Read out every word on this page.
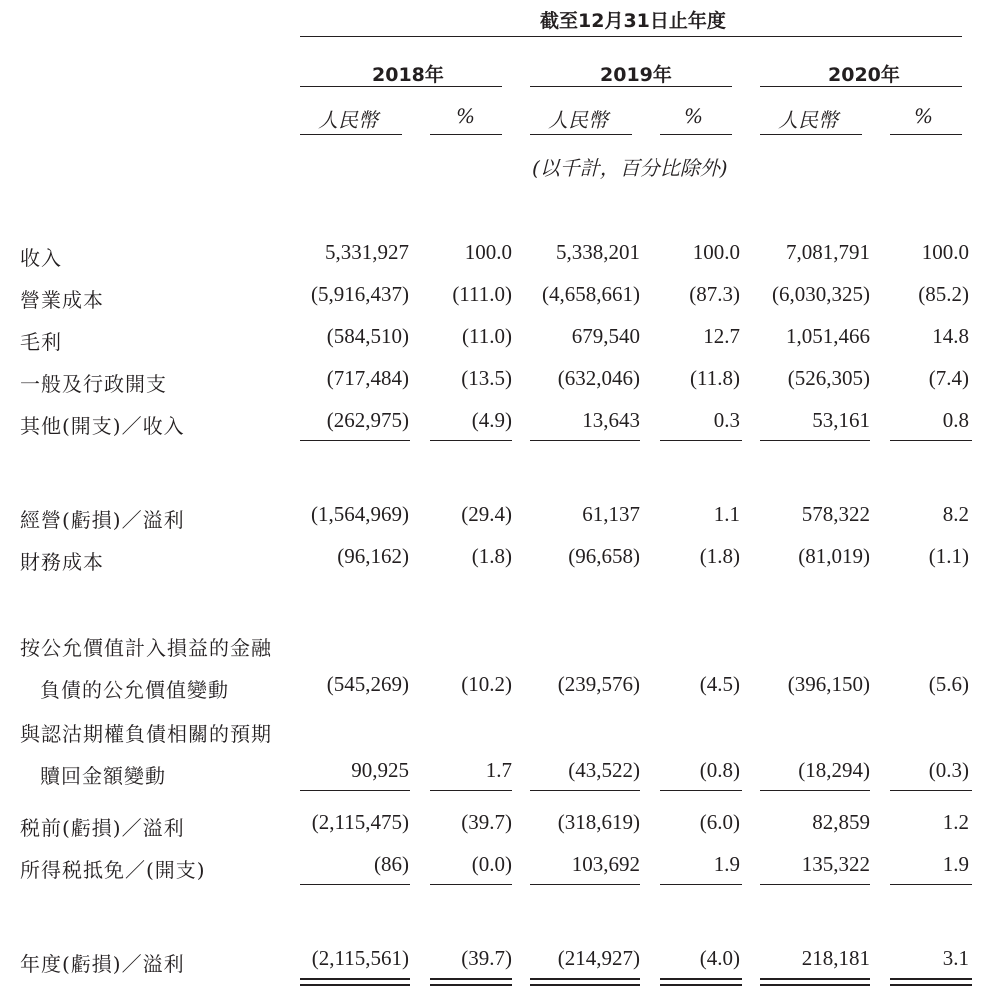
截至12月31日止年度
2018年	2019年	2020年
人民幣	%	人民幣	%	人民幣	%
(以千計，百分比除外)
收入	5,331,927	100.0 5,338,201	100.0 7,081,791 100.0
營業成本	(5,916,437) (111.0) (4,658,661) (87.3) (6,030,325) (85.2)
毛利	(584,510)	(11.0)	679,540	12.7 1,051,466	14.8
一般及行政開支	(717,484) (13.5) (632,046) (11.8) (526,305)	(7.4)
其他(開支)／收入	(262,975)	(4.9)	13,643	0.3	53,161	0.8
經營(虧損)／溢利	(1,564,969) (29.4)	61,137	1.1	578,322	8.2
財務成本	(96,162)	(1.8)	(96,658)	(1.8)	(81,019)	(1.1)
按公允價值計入損益的金融
負債的公允價值變動	(545,269) (10.2) (239,576)	(4.5) (396,150)	(5.6)
與認沽期權負債相關的預期
贖回金額變動	90,925	1.7	(43,522)	(0.8)	(18,294)	(0.3)
税前(虧損)／溢利	(2,115,475) (39.7) (318,619)	(6.0)	82,859	1.2
所得税抵免／(開支)	(86)	(0.0)	103,692	1.9	135,322	1.9
年度(虧損)／溢利	(2,115,561) (39.7) (214,927)	(4.0)	218,181	3.1
